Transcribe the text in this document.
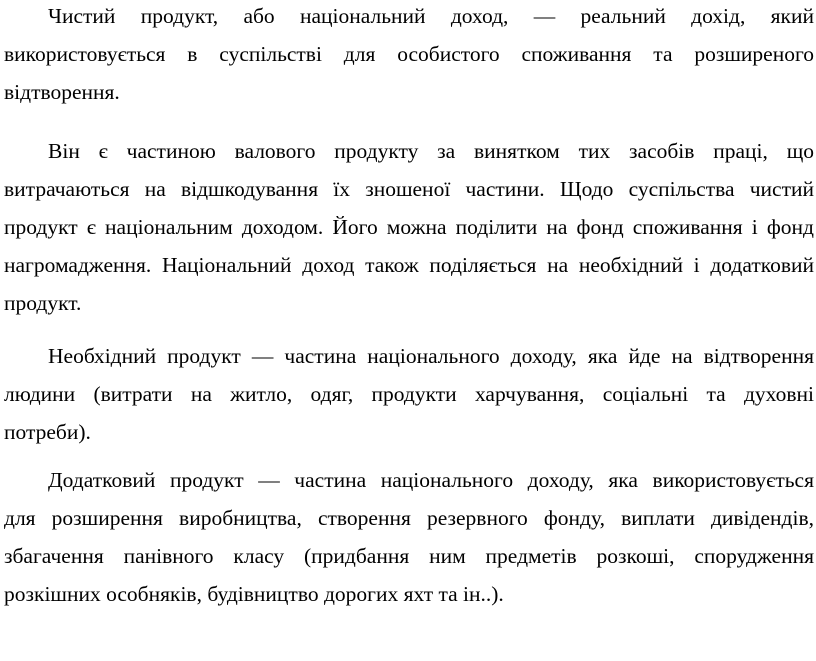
Чистий продукт, або національний доход, — реальний дохід, який
використовується в суспільстві для особистого споживання та розширеного
відтворення.

Він є частиною валового продукту за винятком тих засобів праці, що
витрачаються на відшкодування їх зношеної частини. Щодо суспільства чистий
продукт є національним доходом. Його можна поділити на фонд споживання і фонд
нагромадження. Національний доход також поділяється на необхідний і додатковий
продукт.

Необхідний продукт — частина національного доходу, яка йде на відтворення
людини (витрати на житло, одяг, продукти харчування, соціальні та духовні
потреби).

Додатковий продукт — частина національного доходу, яка використовується
для розширення виробництва, створення резервного фонду, виплати дивідендів,
збагачення панівного класу (придбання ним предметів розкоші, спорудження
розкішних особняків, будівництво дорогих яхт та ін..).
